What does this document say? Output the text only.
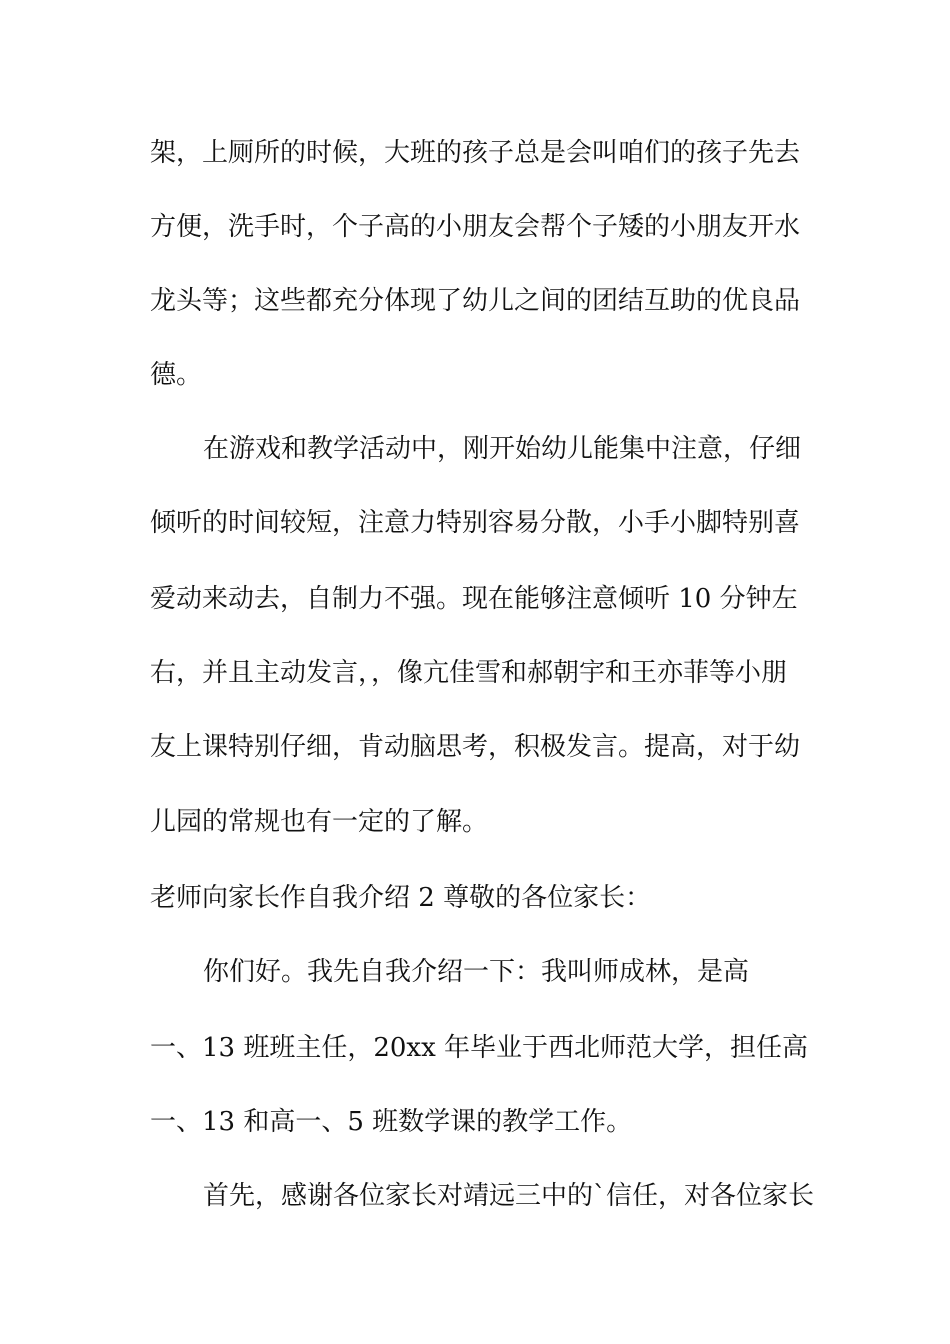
架，上厕所的时候，大班的孩子总是会叫咱们的孩子先去

方便，洗手时，个子高的小朋友会帮个子矮的小朋友开水

龙头等；这些都充分体现了幼儿之间的团结互助的优良品

德。

在游戏和教学活动中，刚开始幼儿能集中注意，仔细

倾听的时间较短，注意力特别容易分散，小手小脚特别喜

爱动来动去，自制力不强。现在能够注意倾听 10 分钟左

右，并且主动发言，，像亢佳雪和郝朝宇和王亦菲等小朋

友上课特别仔细，肯动脑思考，积极发言。提高，对于幼

儿园的常规也有一定的了解。

老师向家长作自我介绍 2 尊敬的各位家长：

你们好。我先自我介绍一下：我叫师成林，是高

一、13 班班主任，20xx 年毕业于西北师范大学，担任高

一、13 和高一、5 班数学课的教学工作。

首先，感谢各位家长对靖远三中的`信任，对各位家长
